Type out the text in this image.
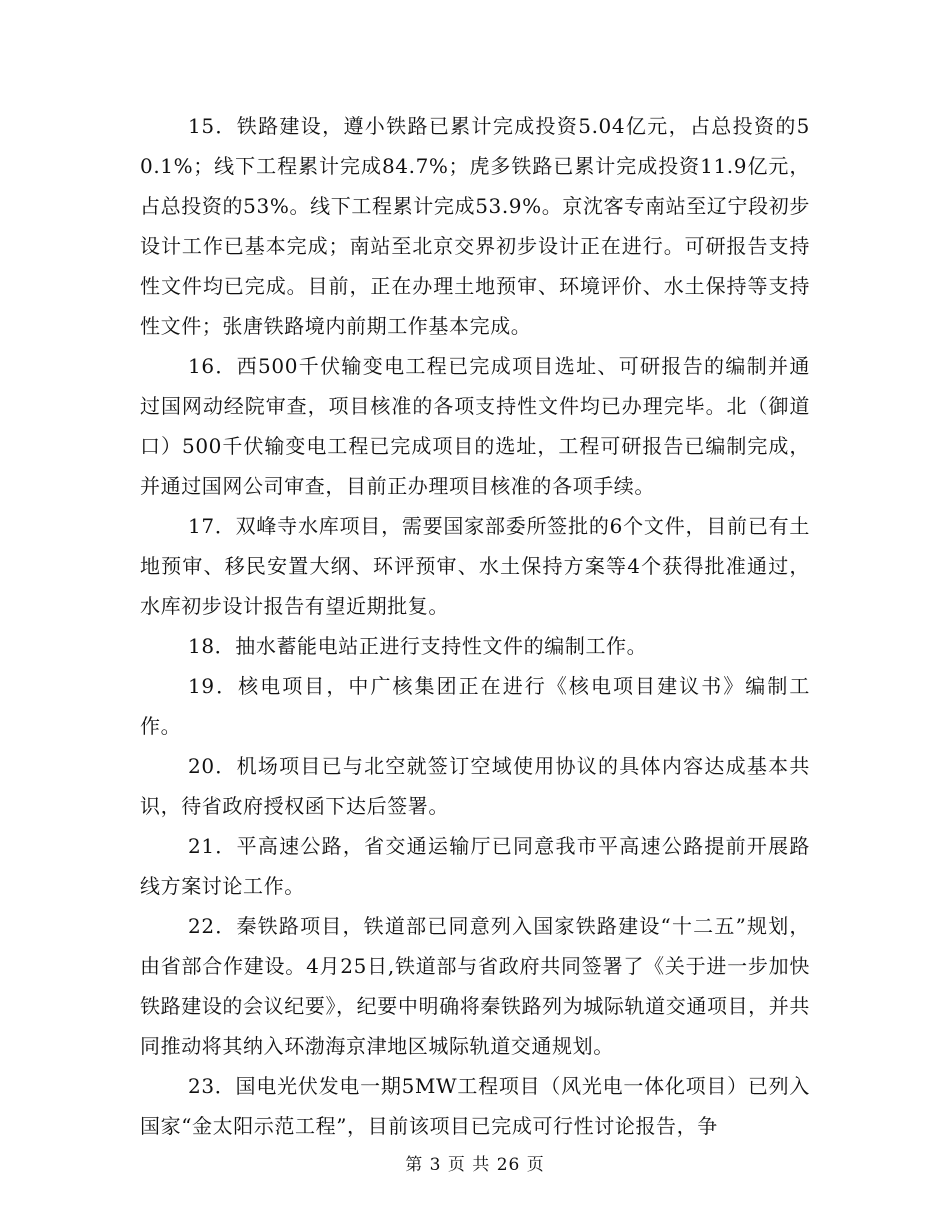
15．铁路建设，遵小铁路已累计完成投资5.04亿元，占总投资的50.1%；线下工程累计完成84.7%；虎多铁路已累计完成投资11.9亿元，占总投资的53%。线下工程累计完成53.9%。京沈客专南站至辽宁段初步设计工作已基本完成；南站至北京交界初步设计正在进行。可研报告支持性文件均已完成。目前，正在办理土地预审、环境评价、水土保持等支持性文件；张唐铁路境内前期工作基本完成。

16．西500千伏输变电工程已完成项目选址、可研报告的编制并通过国网动经院审查，项目核准的各项支持性文件均已办理完毕。北（御道口）500千伏输变电工程已完成项目的选址，工程可研报告已编制完成，并通过国网公司审查，目前正办理项目核准的各项手续。

17．双峰寺水库项目，需要国家部委所签批的6个文件，目前已有土地预审、移民安置大纲、环评预审、水土保持方案等4个获得批准通过，水库初步设计报告有望近期批复。

18．抽水蓄能电站正进行支持性文件的编制工作。

19．核电项目，中广核集团正在进行《核电项目建议书》编制工作。

20．机场项目已与北空就签订空域使用协议的具体内容达成基本共识，待省政府授权函下达后签署。

21．平高速公路，省交通运输厅已同意我市平高速公路提前开展路线方案讨论工作。

22．秦铁路项目，铁道部已同意列入国家铁路建设“十二五”规划，由省部合作建设。4月25日,铁道部与省政府共同签署了《关于进一步加快铁路建设的会议纪要》，纪要中明确将秦铁路列为城际轨道交通项目，并共同推动将其纳入环渤海京津地区城际轨道交通规划。

23．国电光伏发电一期5MW工程项目（风光电一体化项目）已列入国家“金太阳示范工程”，目前该项目已完成可行性讨论报告，争

第 3 页 共 26 页
